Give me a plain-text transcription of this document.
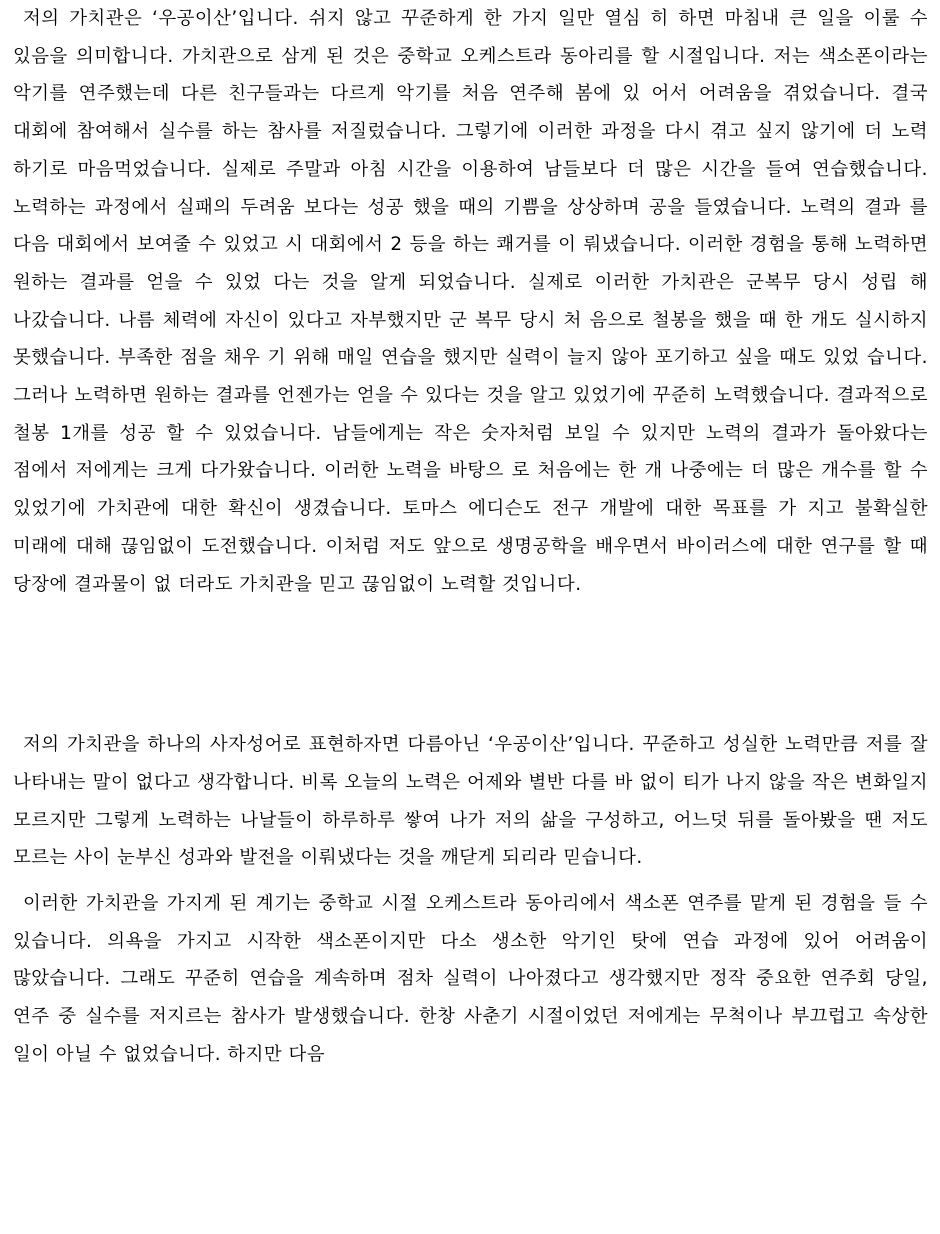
저의 가치관은 ‘우공이산’입니다. 쉬지 않고 꾸준하게 한 가지 일만 열심 히 하면 마침내 큰 일을 이룰 수 있음을 의미합니다. 가치관으로 삼게 된 것은 중학교 오케스트라 동아리를 할 시절입니다. 저는 색소폰이라는 악기를 연주했는데 다른 친구들과는 다르게 악기를 처음 연주해 봄에 있 어서 어려움을 겪었습니다. 결국 대회에 참여해서 실수를 하는 참사를 저질렀습니다. 그렇기에 이러한 과정을 다시 겪고 싶지 않기에 더 노력 하기로 마음먹었습니다. 실제로 주말과 아침 시간을 이용하여 남들보다 더 많은 시간을 들여 연습했습니다. 노력하는 과정에서 실패의 두려움 보다는 성공 했을 때의 기쁨을 상상하며 공을 들였습니다. 노력의 결과 를 다음 대회에서 보여줄 수 있었고 시 대회에서 2 등을 하는 쾌거를 이 뤄냈습니다. 이러한 경험을 통해 노력하면 원하는 결과를 얻을 수 있었 다는 것을 알게 되었습니다. 실제로 이러한 가치관은 군복무 당시 성립 해 나갔습니다. 나름 체력에 자신이 있다고 자부했지만 군 복무 당시 처 음으로 철봉을 했을 때 한 개도 실시하지 못했습니다. 부족한 점을 채우 기 위해 매일 연습을 했지만 실력이 늘지 않아 포기하고 싶을 때도 있었 습니다. 그러나 노력하면 원하는 결과를 언젠가는 얻을 수 있다는 것을 알고 있었기에 꾸준히 노력했습니다. 결과적으로 철봉 1개를 성공 할 수 있었습니다. 남들에게는 작은 숫자처럼 보일 수 있지만 노력의 결과가 돌아왔다는 점에서 저에게는 크게 다가왔습니다. 이러한 노력을 바탕으 로 처음에는 한 개 나중에는 더 많은 개수를 할 수 있었기에 가치관에 대한 확신이 생겼습니다. 토마스 에디슨도 전구 개발에 대한 목표를 가 지고 불확실한 미래에 대해 끊임없이 도전했습니다. 이처럼 저도 앞으로 생명공학을 배우면서 바이러스에 대한 연구를 할 때 당장에 결과물이 없 더라도 가치관을 믿고 끊임없이 노력할 것입니다.

저의 가치관을 하나의 사자성어로 표현하자면 다름아닌 ‘우공이산’입니다. 꾸준하고 성실한 노력만큼 저를 잘 나타내는 말이 없다고 생각합니다. 비록 오늘의 노력은 어제와 별반 다를 바 없이 티가 나지 않을 작은 변화일지 모르지만 그렇게 노력하는 나날들이 하루하루 쌓여 나가 저의 삶을 구성하고, 어느덧 뒤를 돌아봤을 땐 저도 모르는 사이 눈부신 성과와 발전을 이뤄냈다는 것을 깨닫게 되리라 믿습니다.

이러한 가치관을 가지게 된 계기는 중학교 시절 오케스트라 동아리에서 색소폰 연주를 맡게 된 경험을 들 수 있습니다. 의욕을 가지고 시작한 색소폰이지만 다소 생소한 악기인 탓에 연습 과정에 있어 어려움이 많았습니다. 그래도 꾸준히 연습을 계속하며 점차 실력이 나아졌다고 생각했지만 정작 중요한 연주회 당일, 연주 중 실수를 저지르는 참사가 발생했습니다. 한창 사춘기 시절이었던 저에게는 무척이나 부끄럽고 속상한 일이 아닐 수 없었습니다. 하지만 다음
